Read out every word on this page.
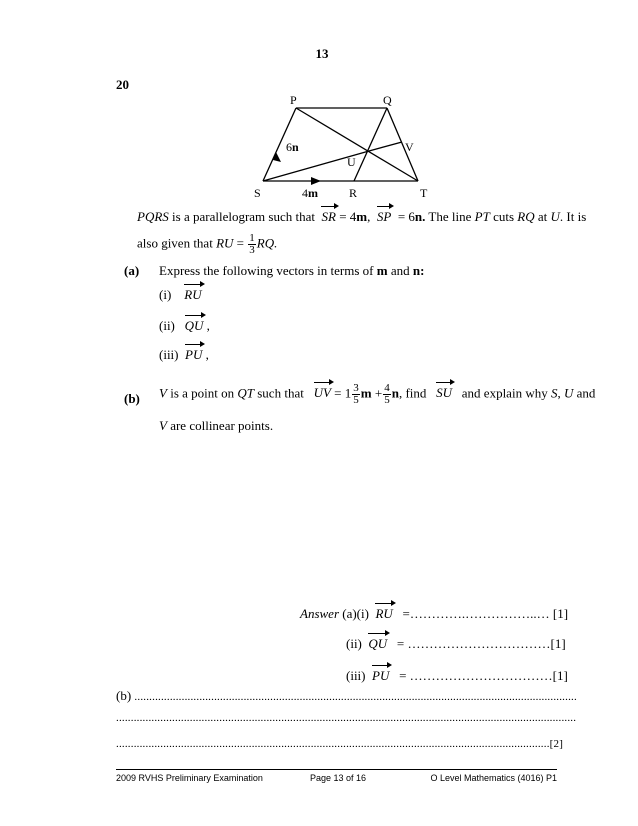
13
20
P	Q
V
U
S	R	T
6n
4m
PQRS is a parallelogram such that SR = 4m, SP = 6n. The line PT cuts RQ at U. It is
also given that RU = $\frac{1}{3}$ RQ.
(a) Express the following vectors in terms of m and n:
(i) RU
(ii) QU ,
(iii) PU ,
(b) V is a point on QT such that UV = $1 \frac{3}{5}$ $m + \frac{4}{5} n$, find SU and explain why S, U and
V are collinear points.
Answer (a)(i) RU =………….……………..… [1]
(ii) QU = ……………………………[1]
(iii) PU = ……………………………[1]
(b) ......................................................................................................................................................
............................................................................................................................................................
...................................................................................................................................................[2]
2009 RVHS Preliminary Examination	Page 13 of 16	O Level Mathematics (4016) P1
